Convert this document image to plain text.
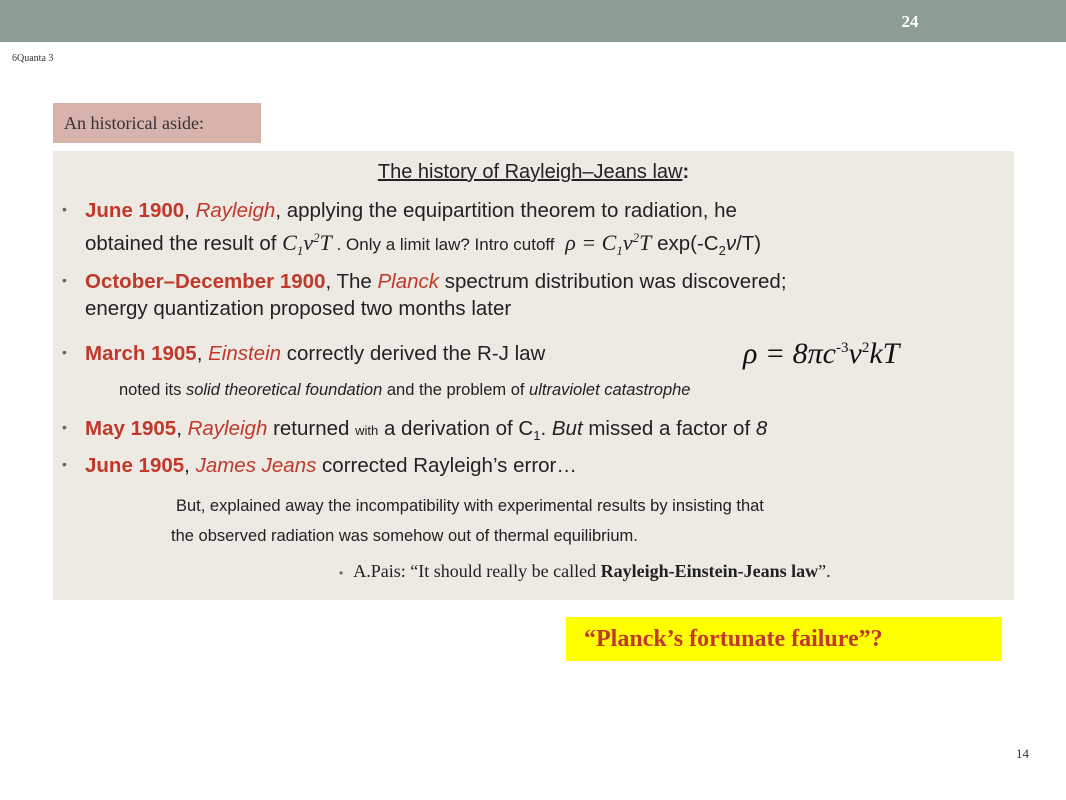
24
6Quanta 3
An historical aside:
The history of Rayleigh–Jeans law:
• June 1900, Rayleigh, applying the equipartition theorem to radiation, he
obtained the result of $C_1\nu^2T$ . Only a limit law? Intro cutoff $\rho = C_1\nu^2T$ $\exp(-C_2\nu/T)$
• October–December 1900, The Planck spectrum distribution was discovered;
energy quantization proposed two months later
• March 1905, Einstein correctly derived the R-J law	$\rho = 8\pi c^{-3}\nu^2kT$
noted its solid theoretical foundation and the problem of ultraviolet catastrophe
• May 1905, Rayleigh returned with a derivation of $C_1$. But missed a factor of 8
• June 1905, James Jeans corrected Rayleigh’s error…
But, explained away the incompatibility with experimental results by insisting that
the observed radiation was somehow out of thermal equilibrium.
• A.Pais: “It should really be called Rayleigh-Einstein-Jeans law”.
“Planck’s fortunate failure”?
14
